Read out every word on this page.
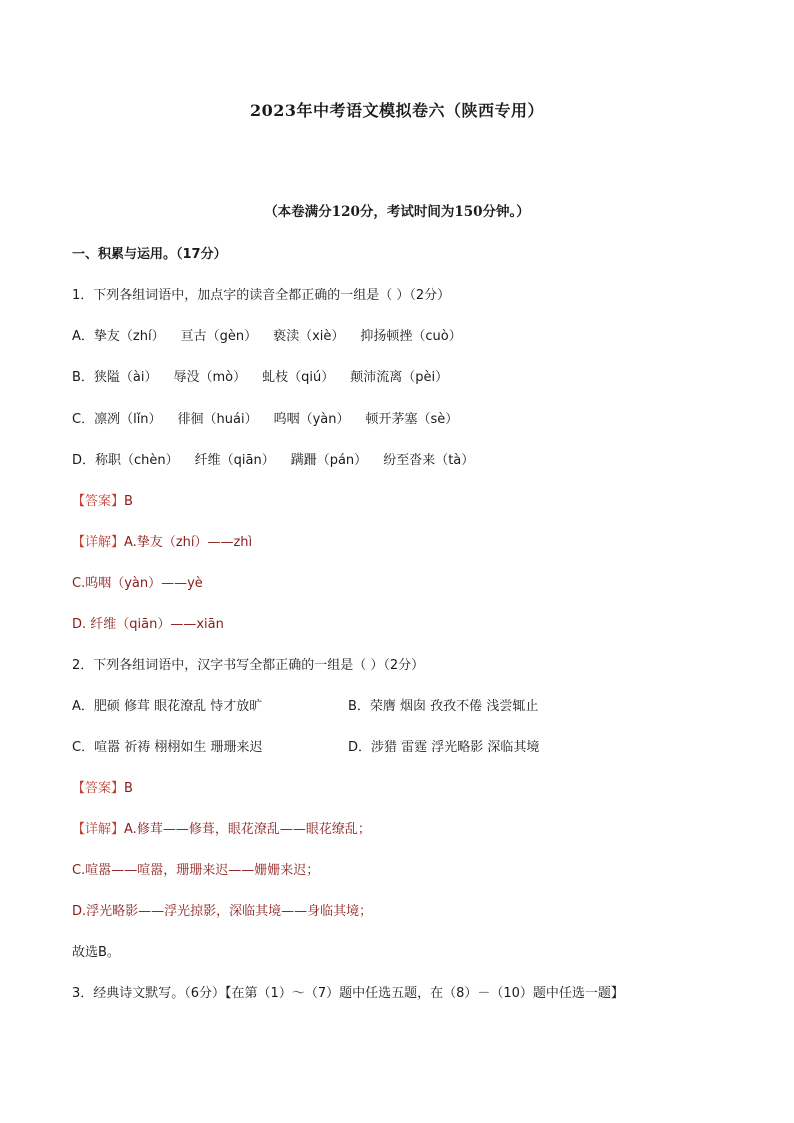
2023年中考语文模拟卷六（陕西专用）
（本卷满分120分，考试时间为150分钟。）
一、积累与运用。（17分）
1．下列各组词语中，加点字的读音全都正确的一组是（ ）（2分）
A．挚友（zhí） 亘古（gèn） 亵渎（xiè） 抑扬顿挫（cuò）
B．狭隘（ài） 辱没（mò） 虬枝（qiú） 颠沛流离（pèi）
C．凛冽（lǐn） 徘徊（huái） 呜咽（yàn） 顿开茅塞（sè）
D．称职（chèn） 纤维（qiān） 蹒跚（pán） 纷至沓来（tà）
【答案】B
【详解】A.挚友（zhí）——zhì
C.呜咽（yàn）——yè
D. 纤维（qiān）——xiān
2．下列各组词语中，汉字书写全都正确的一组是（ ）（2分）
A．肥硕 修茸 眼花潦乱 恃才放旷	B．荣膺 烟囱 孜孜不倦 浅尝辄止
C．喧嚣 祈祷 栩栩如生 珊珊来迟	D．涉猎 雷霆 浮光略影 深临其境
【答案】B
【详解】A.修茸——修葺，眼花潦乱——眼花缭乱；
C.喧嚣——喧嚣，珊珊来迟——姗姗来迟；
D.浮光略影——浮光掠影，深临其境——身临其境；
故选B。
3．经典诗文默写。（6分）【在第（1）～（7）题中任选五题，在（8）－（10）题中任选一题】
